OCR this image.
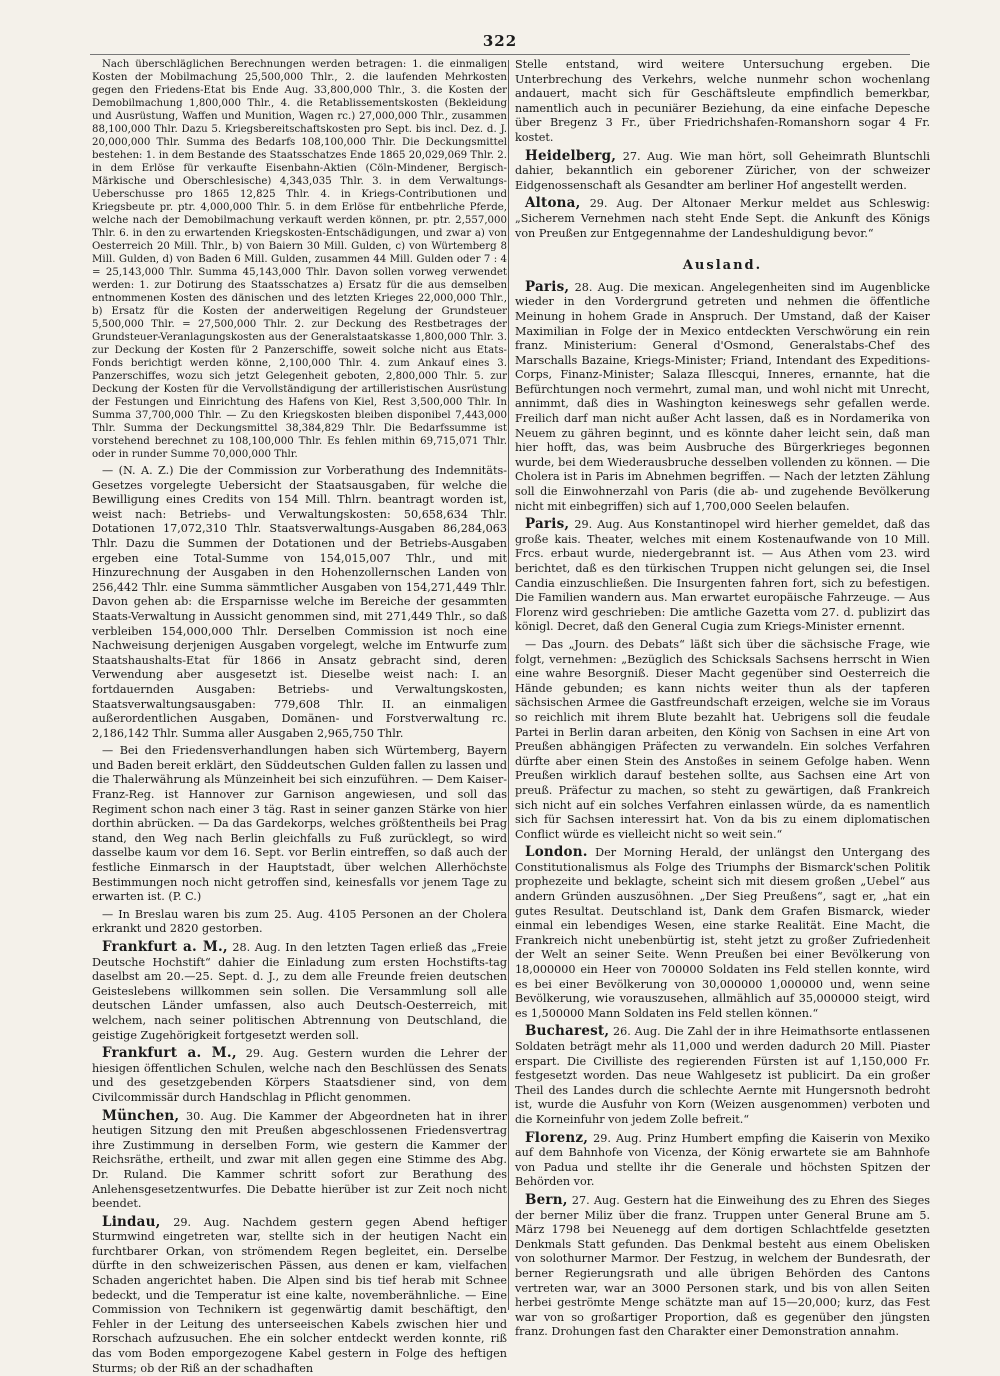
322

Nach überschläglichen Berechnungen werden betragen: 1. die einmaligen Kosten der Mobilmachung 25,500,000 Thlr., 2. die laufenden Mehrkosten gegen den Friedens-Etat bis Ende Aug. 33,800,000 Thlr., 3. die Kosten der Demobilmachung 1,800,000 Thlr., 4. die Retablissementskosten (Bekleidung und Ausrüstung, Waffen und Munition, Wagen rc.) 27,000,000 Thlr., zusammen 88,100,000 Thlr. Dazu 5. Kriegsbereitschaftskosten pro Sept. bis incl. Dez. d. J. 20,000,000 Thlr. Summa des Bedarfs 108,100,000 Thlr. Die Deckungsmittel bestehen: 1. in dem Bestande des Staatsschatzes Ende 1865 20,029,069 Thlr. 2. in dem Erlöse für verkaufte Eisenbahn-Aktien (Cöln-Mindener, Bergisch-Märkische und Oberschlesische) 4,343,035 Thlr. 3. in dem Verwaltungs-Ueberschusse pro 1865 12,825 Thlr. 4. in Kriegs-Contributionen und Kriegsbeute pr. ptr. 4,000,000 Thlr. 5. in dem Erlöse für entbehrliche Pferde, welche nach der Demobilmachung verkauft werden können, pr. ptr. 2,557,000 Thlr. 6. in den zu erwartenden Kriegskosten-Entschädigungen, und zwar a) von Oesterreich 20 Mill. Thlr., b) von Baiern 30 Mill. Gulden, c) von Würtemberg 8 Mill. Gulden, d) von Baden 6 Mill. Gulden, zusammen 44 Mill. Gulden oder 7 : 4 = 25,143,000 Thlr. Summa 45,143,000 Thlr. Davon sollen vorweg verwendet werden: 1. zur Dotirung des Staatsschatzes a) Ersatz für die aus demselben entnommenen Kosten des dänischen und des letzten Krieges 22,000,000 Thlr., b) Ersatz für die Kosten der anderweitigen Regelung der Grundsteuer 5,500,000 Thlr. = 27,500,000 Thlr. 2. zur Deckung des Restbetrages der Grundsteuer-Veranlagungskosten aus der Generalstaatskasse 1,800,000 Thlr. 3. zur Deckung der Kosten für 2 Panzerschiffe, soweit solche nicht aus Etats-Fonds berichtigt werden könne, 2,100,000 Thlr. 4. zum Ankauf eines 3. Panzerschiffes, wozu sich jetzt Gelegenheit geboten, 2,800,000 Thlr. 5. zur Deckung der Kosten für die Vervollständigung der artilleristischen Ausrüstung der Festungen und Einrichtung des Hafens von Kiel, Rest 3,500,000 Thlr. In Summa 37,700,000 Thlr. — Zu den Kriegskosten bleiben disponibel 7,443,000 Thlr. Summa der Deckungsmittel 38,384,829 Thlr. Die Bedarfssumme ist vorstehend berechnet zu 108,100,000 Thlr. Es fehlen mithin 69,715,071 Thlr. oder in runder Summe 70,000,000 Thlr.

— (N. A. Z.) Die der Commission zur Vorberathung des Indemnitäts-Gesetzes vorgelegte Uebersicht der Staatsausgaben, für welche die Bewilligung eines Credits von 154 Mill. Thlrn. beantragt worden ist, weist nach: Betriebs- und Verwaltungskosten: 50,658,634 Thlr. Dotationen 17,072,310 Thlr. Staatsverwaltungs-Ausgaben 86,284,063 Thlr. Dazu die Summen der Dotationen und der Betriebs-Ausgaben ergeben eine Total-Summe von 154,015,007 Thlr., und mit Hinzurechnung der Ausgaben in den Hohenzollernschen Landen von 256,442 Thlr. eine Summa sämmtlicher Ausgaben von 154,271,449 Thlr. Davon gehen ab: die Ersparnisse welche im Bereiche der gesammten Staats-Verwaltung in Aussicht genommen sind, mit 271,449 Thlr., so daß verbleiben 154,000,000 Thlr. Derselben Commission ist noch eine Nachweisung derjenigen Ausgaben vorgelegt, welche im Entwurfe zum Staatshaushalts-Etat für 1866 in Ansatz gebracht sind, deren Verwendung aber ausgesetzt ist. Dieselbe weist nach: I. an fortdauernden Ausgaben: Betriebs- und Verwaltungskosten, Staatsverwaltungsausgaben: 779,608 Thlr. II. an einmaligen außerordentlichen Ausgaben, Domänen- und Forstverwaltung rc. 2,186,142 Thlr. Summa aller Ausgaben 2,965,750 Thlr.

— Bei den Friedensverhandlungen haben sich Würtemberg, Bayern und Baden bereit erklärt, den Süddeutschen Gulden fallen zu lassen und die Thalerwährung als Münzeinheit bei sich einzuführen. — Dem Kaiser-Franz-Reg. ist Hannover zur Garnison angewiesen, und soll das Regiment schon nach einer 3 täg. Rast in seiner ganzen Stärke von hier dorthin abrücken. — Da das Gardekorps, welches größtentheils bei Prag stand, den Weg nach Berlin gleichfalls zu Fuß zurücklegt, so wird dasselbe kaum vor dem 16. Sept. vor Berlin eintreffen, so daß auch der festliche Einmarsch in der Hauptstadt, über welchen Allerhöchste Bestimmungen noch nicht getroffen sind, keinesfalls vor jenem Tage zu erwarten ist. (P. C.)

— In Breslau waren bis zum 25. Aug. 4105 Personen an der Cholera erkrankt und 2820 gestorben.

Frankfurt a. M., 28. Aug. In den letzten Tagen erließ das „Freie Deutsche Hochstift“ dahier die Einladung zum ersten Hochstifts-tag daselbst am 20.—25. Sept. d. J., zu dem alle Freunde freien deutschen Geisteslebens willkommen sein sollen. Die Versammlung soll alle deutschen Länder umfassen, also auch Deutsch-Oesterreich, mit welchem, nach seiner politischen Abtrennung von Deutschland, die geistige Zugehörigkeit fortgesetzt werden soll.

Frankfurt a. M., 29. Aug. Gestern wurden die Lehrer der hiesigen öffentlichen Schulen, welche nach den Beschlüssen des Senats und des gesetzgebenden Körpers Staatsdiener sind, von dem Civilcommissär durch Handschlag in Pflicht genommen.

München, 30. Aug. Die Kammer der Abgeordneten hat in ihrer heutigen Sitzung den mit Preußen abgeschlossenen Friedensvertrag ihre Zustimmung in derselben Form, wie gestern die Kammer der Reichsräthe, ertheilt, und zwar mit allen gegen eine Stimme des Abg. Dr. Ruland. Die Kammer schritt sofort zur Berathung des Anlehensgesetzentwurfes. Die Debatte hierüber ist zur Zeit noch nicht beendet.

Lindau, 29. Aug. Nachdem gestern gegen Abend heftiger Sturmwind eingetreten war, stellte sich in der heutigen Nacht ein furchtbarer Orkan, von strömendem Regen begleitet, ein. Derselbe dürfte in den schweizerischen Pässen, aus denen er kam, vielfachen Schaden angerichtet haben. Die Alpen sind bis tief herab mit Schnee bedeckt, und die Temperatur ist eine kalte, novemberähnliche. — Eine Commission von Technikern ist gegenwärtig damit beschäftigt, den Fehler in der Leitung des unterseeischen Kabels zwischen hier und Rorschach aufzusuchen. Ehe ein solcher entdeckt werden konnte, riß das vom Boden emporgezogene Kabel gestern in Folge des heftigen Sturms; ob der Riß an der schadhaften

Stelle entstand, wird weitere Untersuchung ergeben. Die Unterbrechung des Verkehrs, welche nunmehr schon wochenlang andauert, macht sich für Geschäftsleute empfindlich bemerkbar, namentlich auch in pecuniärer Beziehung, da eine einfache Depesche über Bregenz 3 Fr., über Friedrichshafen-Romanshorn sogar 4 Fr. kostet.

Heidelberg, 27. Aug. Wie man hört, soll Geheimrath Bluntschli dahier, bekanntlich ein geborener Züricher, von der schweizer Eidgenossenschaft als Gesandter am berliner Hof angestellt werden.

Altona, 29. Aug. Der Altonaer Merkur meldet aus Schleswig: „Sicherem Vernehmen nach steht Ende Sept. die Ankunft des Königs von Preußen zur Entgegennahme der Landeshuldigung bevor.“

Ausland.

Paris, 28. Aug. Die mexican. Angelegenheiten sind im Augenblicke wieder in den Vordergrund getreten und nehmen die öffentliche Meinung in hohem Grade in Anspruch. Der Umstand, daß der Kaiser Maximilian in Folge der in Mexico entdeckten Verschwörung ein rein franz. Ministerium: General d'Osmond, Generalstabs-Chef des Marschalls Bazaine, Kriegs-Minister; Friand, Intendant des Expeditions-Corps, Finanz-Minister; Salaza Illescqui, Inneres, ernannte, hat die Befürchtungen noch vermehrt, zumal man, und wohl nicht mit Unrecht, annimmt, daß dies in Washington keineswegs sehr gefallen werde. Freilich darf man nicht außer Acht lassen, daß es in Nordamerika von Neuem zu gähren beginnt, und es könnte daher leicht sein, daß man hier hofft, das, was beim Ausbruche des Bürgerkrieges begonnen wurde, bei dem Wiederausbruche desselben vollenden zu können. — Die Cholera ist in Paris im Abnehmen begriffen. — Nach der letzten Zählung soll die Einwohnerzahl von Paris (die ab- und zugehende Bevölkerung nicht mit einbegriffen) sich auf 1,700,000 Seelen belaufen.

Paris, 29. Aug. Aus Konstantinopel wird hierher gemeldet, daß das große kais. Theater, welches mit einem Kostenaufwande von 10 Mill. Frcs. erbaut wurde, niedergebrannt ist. — Aus Athen vom 23. wird berichtet, daß es den türkischen Truppen nicht gelungen sei, die Insel Candia einzuschließen. Die Insurgenten fahren fort, sich zu befestigen. Die Familien wandern aus. Man erwartet europäische Fahrzeuge. — Aus Florenz wird geschrieben: Die amtliche Gazetta vom 27. d. publizirt das königl. Decret, daß den General Cugia zum Kriegs-Minister ernennt.

— Das „Journ. des Debats“ läßt sich über die sächsische Frage, wie folgt, vernehmen: „Bezüglich des Schicksals Sachsens herrscht in Wien eine wahre Besorgniß. Dieser Macht gegenüber sind Oesterreich die Hände gebunden; es kann nichts weiter thun als der tapferen sächsischen Armee die Gastfreundschaft erzeigen, welche sie im Voraus so reichlich mit ihrem Blute bezahlt hat. Uebrigens soll die feudale Partei in Berlin daran arbeiten, den König von Sachsen in eine Art von Preußen abhängigen Präfecten zu verwandeln. Ein solches Verfahren dürfte aber einen Stein des Anstoßes in seinem Gefolge haben. Wenn Preußen wirklich darauf bestehen sollte, aus Sachsen eine Art von preuß. Präfectur zu machen, so steht zu gewärtigen, daß Frankreich sich nicht auf ein solches Verfahren einlassen würde, da es namentlich sich für Sachsen interessirt hat. Von da bis zu einem diplomatischen Conflict würde es vielleicht nicht so weit sein.“

London. Der Morning Herald, der unlängst den Untergang des Constitutionalismus als Folge des Triumphs der Bismarck'schen Politik prophezeite und beklagte, scheint sich mit diesem großen „Uebel“ aus andern Gründen auszusöhnen. „Der Sieg Preußens“, sagt er, „hat ein gutes Resultat. Deutschland ist, Dank dem Grafen Bismarck, wieder einmal ein lebendiges Wesen, eine starke Realität. Eine Macht, die Frankreich nicht unebenbürtig ist, steht jetzt zu großer Zufriedenheit der Welt an seiner Seite. Wenn Preußen bei einer Bevölkerung von 18,000000 ein Heer von 700000 Soldaten ins Feld stellen konnte, wird es bei einer Bevölkerung von 30,000000 1,000000 und, wenn seine Bevölkerung, wie vorauszusehen, allmählich auf 35,000000 steigt, wird es 1,500000 Mann Soldaten ins Feld stellen können.“

Bucharest, 26. Aug. Die Zahl der in ihre Heimathsorte entlassenen Soldaten beträgt mehr als 11,000 und werden dadurch 20 Mill. Piaster erspart. Die Civilliste des regierenden Fürsten ist auf 1,150,000 Fr. festgesetzt worden. Das neue Wahlgesetz ist publicirt. Da ein großer Theil des Landes durch die schlechte Aernte mit Hungersnoth bedroht ist, wurde die Ausfuhr von Korn (Weizen ausgenommen) verboten und die Korneinfuhr von jedem Zolle befreit.“

Florenz, 29. Aug. Prinz Humbert empfing die Kaiserin von Mexiko auf dem Bahnhofe von Vicenza, der König erwartete sie am Bahnhofe von Padua und stellte ihr die Generale und höchsten Spitzen der Behörden vor.

Bern, 27. Aug. Gestern hat die Einweihung des zu Ehren des Sieges der berner Miliz über die franz. Truppen unter General Brune am 5. März 1798 bei Neuenegg auf dem dortigen Schlachtfelde gesetzten Denkmals Statt gefunden. Das Denkmal besteht aus einem Obelisken von solothurner Marmor. Der Festzug, in welchem der Bundesrath, der berner Regierungsrath und alle übrigen Behörden des Cantons vertreten war, war an 3000 Personen stark, und bis von allen Seiten herbei geströmte Menge schätzte man auf 15—20,000; kurz, das Fest war von so großartiger Proportion, daß es gegenüber den jüngsten franz. Drohungen fast den Charakter einer Demonstration annahm.
